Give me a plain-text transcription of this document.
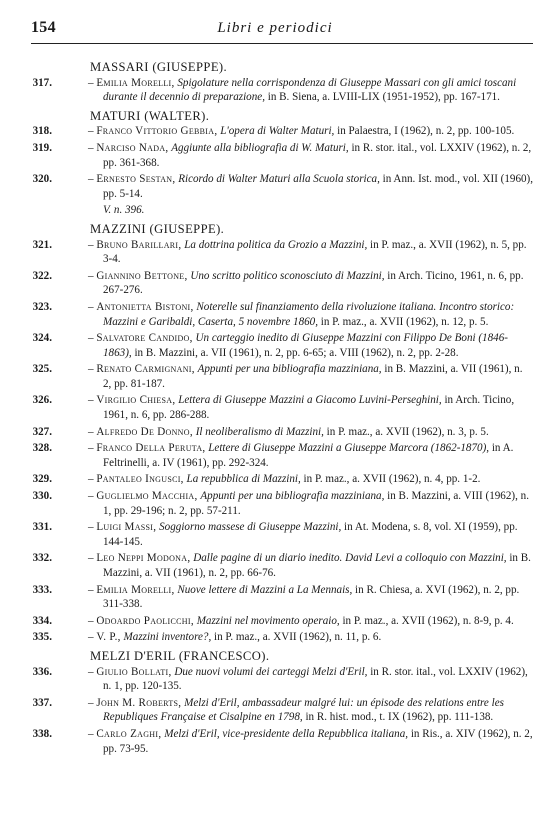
154	Libri e periodici
MASSARI (GIUSEPPE).
317.	– Emilia Morelli, Spigolature nella corrispondenza di Giuseppe Massari con gli amici toscani durante il decennio di preparazione, in B. Siena, a. LVIII-LIX (1951-1952), pp. 167-171.
MATURI (WALTER).
318.	– Franco Vittorio Gebbia, L'opera di Walter Maturi, in Palaestra, I (1962), n. 2, pp. 100-105.
319.	– Narciso Nada, Aggiunte alla bibliografia di W. Maturi, in R. stor. ital., vol. LXXIV (1962), n. 2, pp. 361-368.
320.	– Ernesto Sestan, Ricordo di Walter Maturi alla Scuola storica, in Ann. Ist. mod., vol. XII (1960), pp. 5-14.
V. n. 396.
MAZZINI (GIUSEPPE).
321.	– Bruno Barillari, La dottrina politica da Grozio a Mazzini, in P. maz., a. XVII (1962), n. 5, pp. 3-4.
322.	– Giannino Bettone, Uno scritto politico sconosciuto di Mazzini, in Arch. Ticino, 1961, n. 6, pp. 267-276.
323.	– Antonietta Bistoni, Noterelle sul finanziamento della rivoluzione italiana. Incontro storico: Mazzini e Garibaldi, Caserta, 5 novembre 1860, in P. maz., a. XVII (1962), n. 12, p. 5.
324.	– Salvatore Candido, Un carteggio inedito di Giuseppe Mazzini con Filippo De Boni (1846-1863), in B. Mazzini, a. VII (1961), n. 2, pp. 6-65; a. VIII (1962), n. 2, pp. 2-28.
325.	– Renato Carmignani, Appunti per una bibliografia mazziniana, in B. Mazzini, a. VII (1961), n. 2, pp. 81-187.
326.	– Virgilio Chiesa, Lettera di Giuseppe Mazzini a Giacomo Luvini-Perseghini, in Arch. Ticino, 1961, n. 6, pp. 286-288.
327.	– Alfredo De Donno, Il neoliberalismo di Mazzini, in P. maz., a. XVII (1962), n. 3, p. 5.
328.	– Franco Della Peruta, Lettere di Giuseppe Mazzini a Giuseppe Marcora (1862-1870), in A. Feltrinelli, a. IV (1961), pp. 292-324.
329.	– Pantaleo Ingusci, La repubblica di Mazzini, in P. maz., a. XVII (1962), n. 4, pp. 1-2.
330.	– Guglielmo Macchia, Appunti per una bibliografia mazziniana, in B. Mazzini, a. VIII (1962), n. 1, pp. 29-196; n. 2, pp. 57-211.
331.	– Luigi Massi, Soggiorno massese di Giuseppe Mazzini, in At. Modena, s. 8, vol. XI (1959), pp. 144-145.
332.	– Leo Neppi Modona, Dalle pagine di un diario inedito. David Levi a colloquio con Mazzini, in B. Mazzini, a. VII (1961), n. 2, pp. 66-76.
333.	– Emilia Morelli, Nuove lettere di Mazzini a La Mennais, in R. Chiesa, a. XVI (1962), n. 2, pp. 311-338.
334.	– Odoardo Paolicchi, Mazzini nel movimento operaio, in P. maz., a. XVII (1962), n. 8-9, p. 4.
335.	– V. P., Mazzini inventore?, in P. maz., a. XVII (1962), n. 11, p. 6.
MELZI D'ERIL (FRANCESCO).
336.	– Giulio Bollati, Due nuovi volumi dei carteggi Melzi d'Eril, in R. stor. ital., vol. LXXIV (1962), n. 1, pp. 120-135.
337.	– John M. Roberts, Melzi d'Eril, ambassadeur malgré lui: un épisode des relations entre les Republiques Française et Cisalpine en 1798, in R. hist. mod., t. IX (1962), pp. 111-138.
338.	– Carlo Zaghi, Melzi d'Eril, vice-presidente della Repubblica italiana, in Ris., a. XIV (1962), n. 2, pp. 73-95.
